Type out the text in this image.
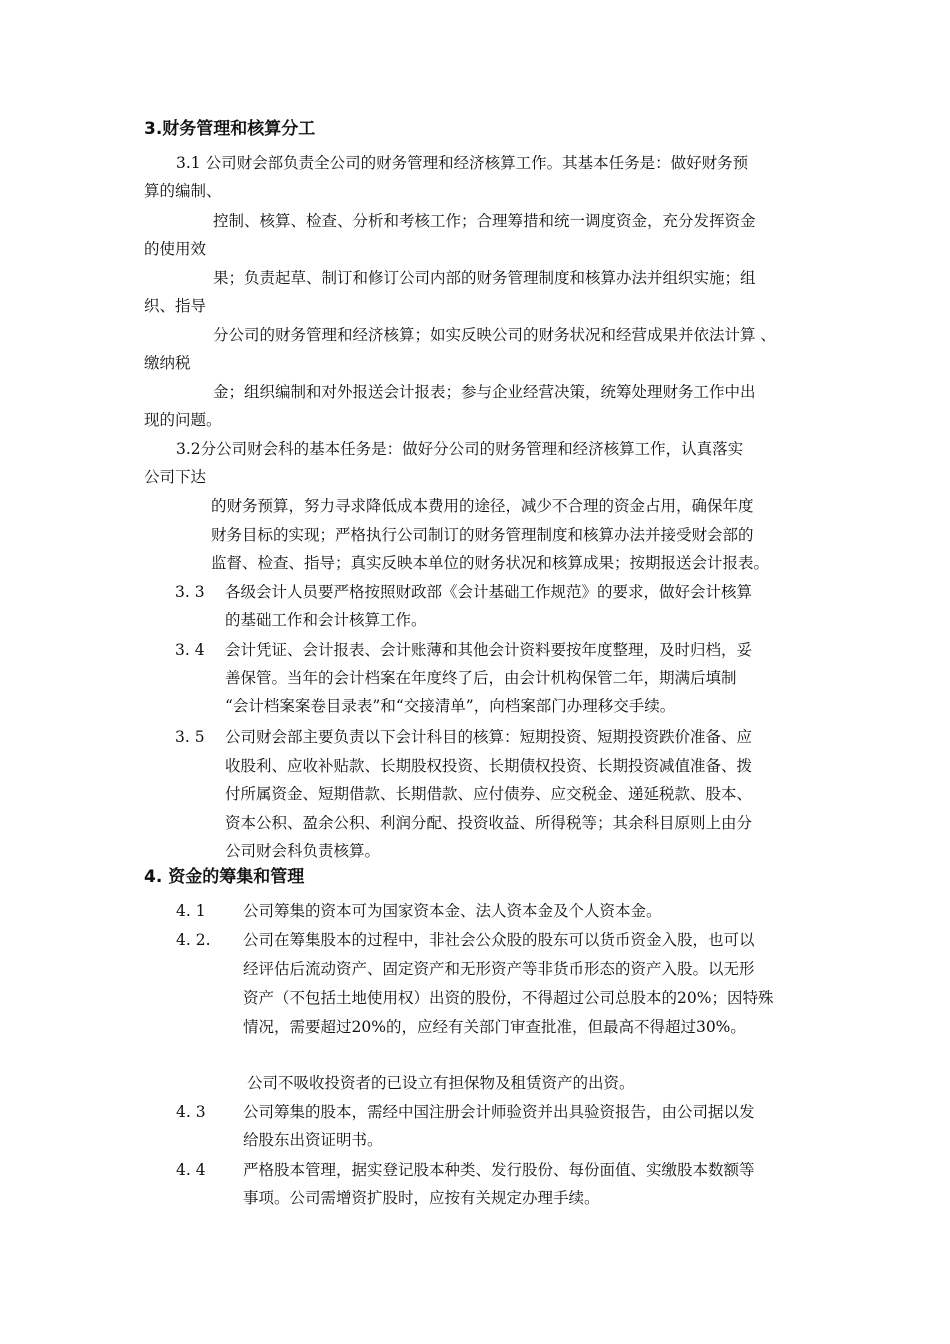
3.财务管理和核算分工
3.1 公司财会部负责全公司的财务管理和经济核算工作。其基本任务是：做好财务预
算的编制、
控制、核算、检查、分析和考核工作；合理筹措和统一调度资金，充分发挥资金
的使用效
果；负责起草、制订和修订公司内部的财务管理制度和核算办法并组织实施；组
织、指导
分公司的财务管理和经济核算；如实反映公司的财务状况和经营成果并依法计算 、
缴纳税
金；组织编制和对外报送会计报表；参与企业经营决策，统筹处理财务工作中出
现的问题。
3.2分公司财会科的基本任务是：做好分公司的财务管理和经济核算工作，认真落实
公司下达
的财务预算，努力寻求降低成本费用的途径，减少不合理的资金占用，确保年度
财务目标的实现；严格执行公司制订的财务管理制度和核算办法并接受财会部的
监督、检查、指导；真实反映本单位的财务状况和核算成果；按期报送会计报表。
3. 3 各级会计人员要严格按照财政部《会计基础工作规范》的要求，做好会计核算
的基础工作和会计核算工作。
3. 4 会计凭证、会计报表、会计账薄和其他会计资料要按年度整理，及时归档，妥
善保管。当年的会计档案在年度终了后，由会计机构保管二年，期满后填制
“会计档案案卷目录表”和“交接清单”，向档案部门办理移交手续。
3. 5 公司财会部主要负责以下会计科目的核算：短期投资、短期投资跌价准备、应
收股利、应收补贴款、长期股权投资、长期债权投资、长期投资减值准备、拨
付所属资金、短期借款、长期借款、应付债券、应交税金、递延税款、股本、
资本公积、盈余公积、利润分配、投资收益、所得税等；其余科目原则上由分
公司财会科负责核算。
4. 资金的筹集和管理
4. 1 公司筹集的资本可为国家资本金、法人资本金及个人资本金。
4. 2. 公司在筹集股本的过程中，非社会公众股的股东可以货币资金入股，也可以
经评估后流动资产、固定资产和无形资产等非货币形态的资产入股。以无形
资产（不包括土地使用权）出资的股份，不得超过公司总股本的20%；因特殊
情况，需要超过20%的，应经有关部门审查批准，但最高不得超过30%。
公司不吸收投资者的已设立有担保物及租赁资产的出资。
4. 3 公司筹集的股本，需经中国注册会计师验资并出具验资报告，由公司据以发
给股东出资证明书。
4. 4 严格股本管理，据实登记股本种类、发行股份、每份面值、实缴股本数额等
事项。公司需增资扩股时，应按有关规定办理手续。
